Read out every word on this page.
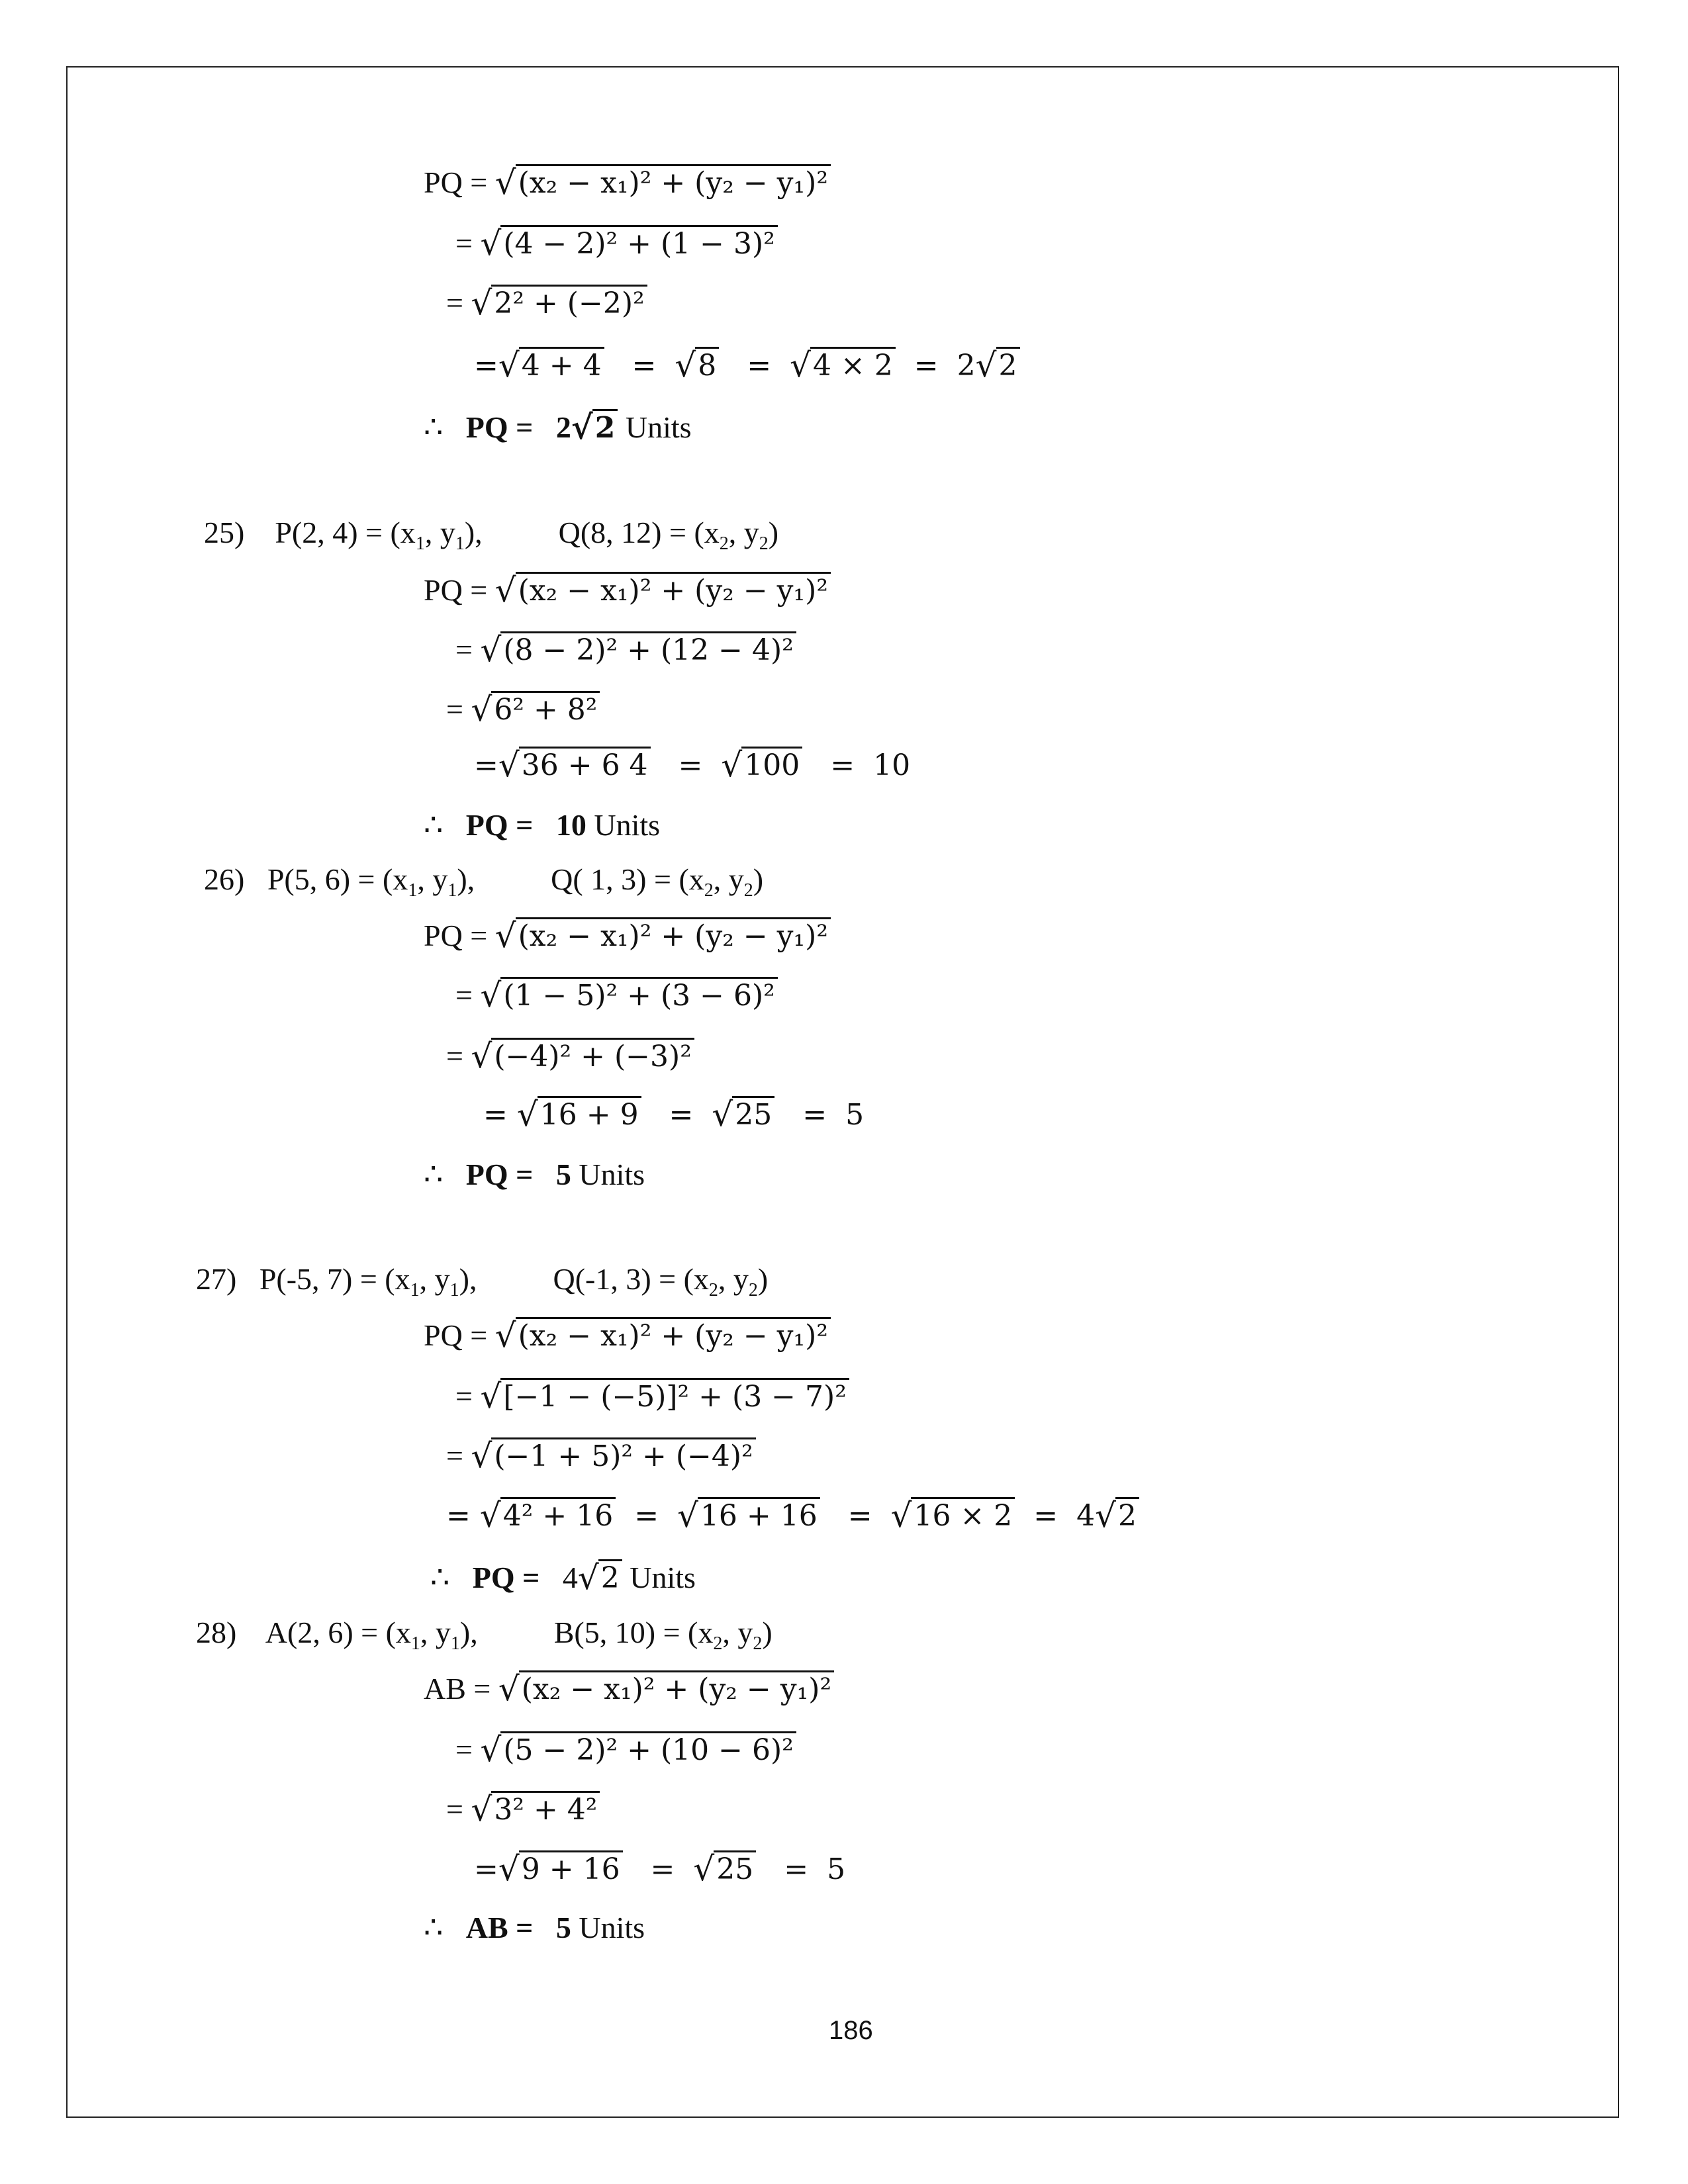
PQ = √(x₂ − x₁)² + (y₂ − y₁)²
= √(4 − 2)² + (1 − 3)²
= √2² + (−2)²
=√4 + 4 = √8 = √4 × 2 = 2√2
∴ PQ = 2√2 Units
25) P(2, $4) = (x_1$, $y_1$),	Q(8, $12) = (x_2$, $y_2$)
PQ = √(x₂ − x₁)² + (y₂ − y₁)²
= √(8 − 2)² + (12 − 4)²
= √6² + 8²
=√36 + 6 4 = √100 = 10
∴ PQ = 10 Units
26) P(5, $6) = (x_1$, $y_1$),	Q( 1, $3) = (x_2$, $y_2$)
PQ = √(x₂ − x₁)² + (y₂ − y₁)²
= √(1 − 5)² + (3 − 6)²
= √(−4)² + (−3)²
= √16 + 9 = √25 = 5
∴ PQ = 5 Units
27) P(-5, $7) = (x_1$, $y_1$),	Q(-1, $3) = (x_2$, $y_2$)
PQ = √(x₂ − x₁)² + (y₂ − y₁)²
= √[−1 − (−5)]² + (3 − 7)²
= √(−1 + 5)² + (−4)²
= √4² + 16 = √16 + 16 = √16 × 2 = 4√2
∴ PQ = 4√2 Units
28) A(2, $6) = (x_1$, $y_1$),	B(5, $10) = (x_2$, $y_2$)
AB = √(x₂ − x₁)² + (y₂ − y₁)²
= √(5 − 2)² + (10 − 6)²
= √3² + 4²
=√9 + 16 = √25 = 5
∴ AB = 5 Units
186
